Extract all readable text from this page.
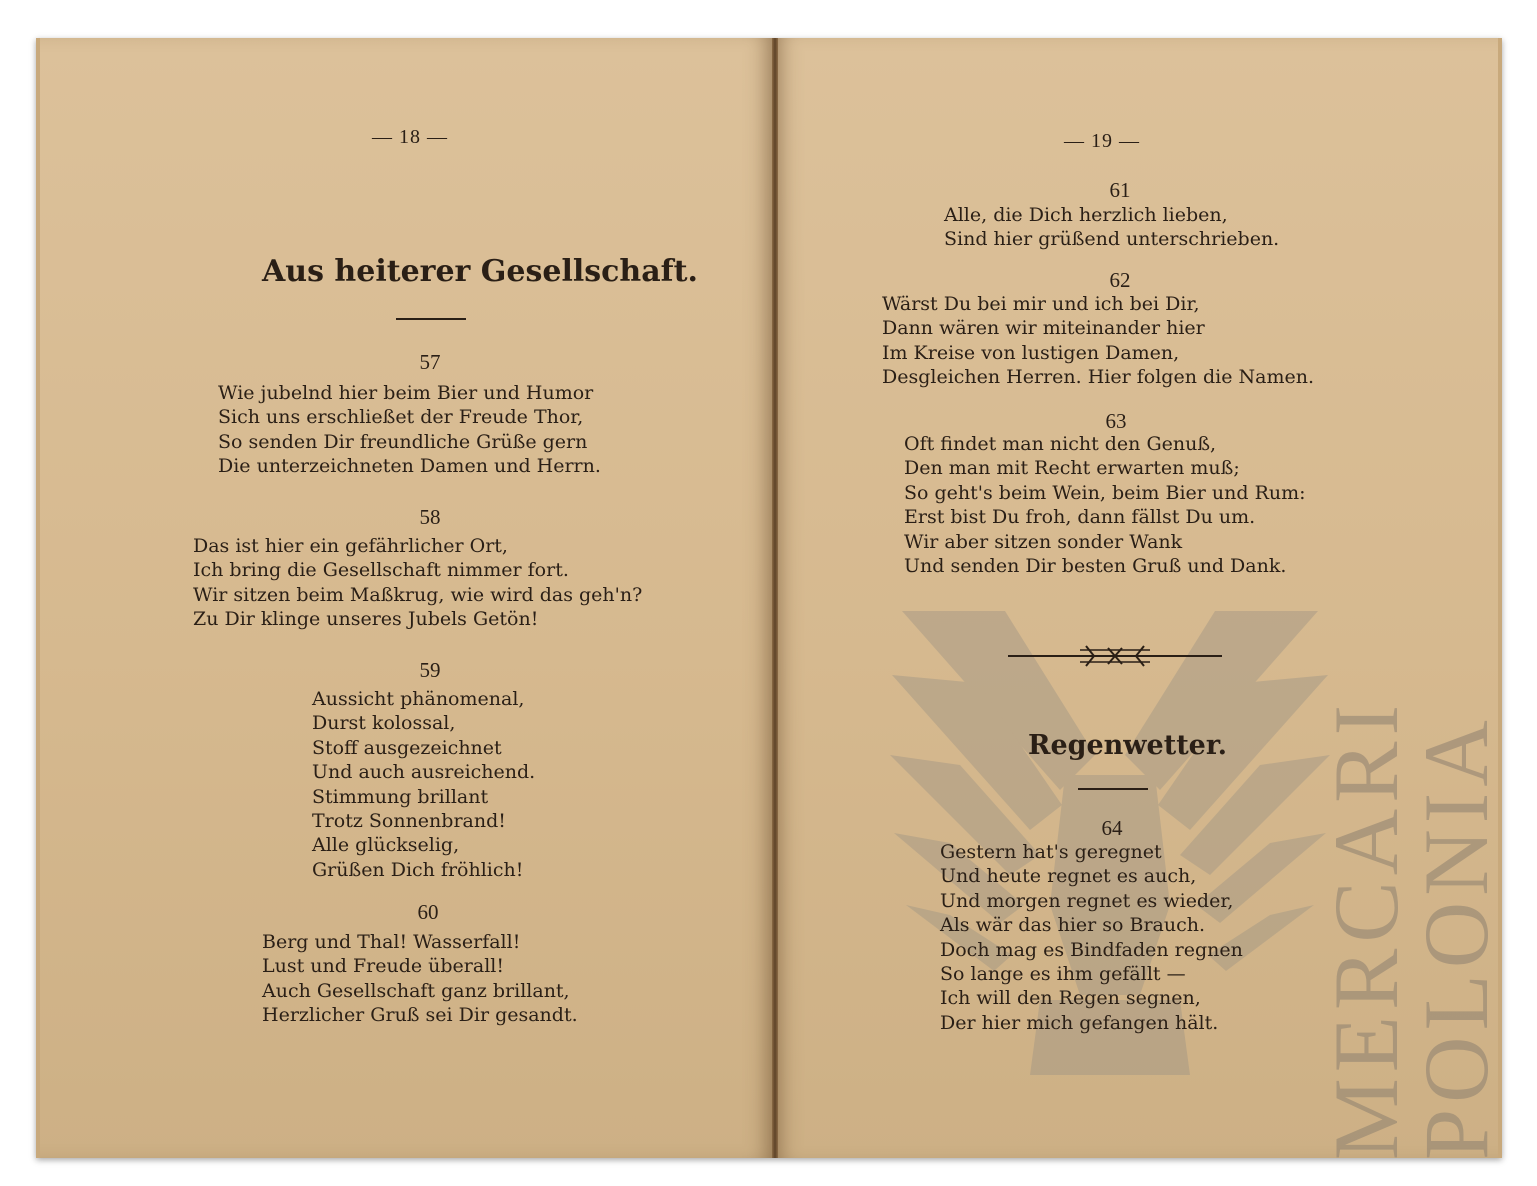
MERCARI
POLONIA
— 18 —
Aus heiterer Gesellschaft.
57
Wie jubelnd hier beim Bier und Humor
Sich uns erschließet der Freude Thor,
So senden Dir freundliche Grüße gern
Die unterzeichneten Damen und Herrn.
58
Das ist hier ein gefährlicher Ort,
Ich bring die Gesellschaft nimmer fort.
Wir sitzen beim Maßkrug, wie wird das geh'n?
Zu Dir klinge unseres Jubels Getön!
59
Aussicht phänomenal,
Durst kolossal,
Stoff ausgezeichnet
Und auch ausreichend.
Stimmung brillant
Trotz Sonnenbrand!
Alle glückselig,
Grüßen Dich fröhlich!
60
Berg und Thal! Wasserfall!
Lust und Freude überall!
Auch Gesellschaft ganz brillant,
Herzlicher Gruß sei Dir gesandt.
— 19 —
61
Alle, die Dich herzlich lieben,
Sind hier grüßend unterschrieben.
62
Wärst Du bei mir und ich bei Dir,
Dann wären wir miteinander hier
Im Kreise von lustigen Damen,
Desgleichen Herren. Hier folgen die Namen.
63
Oft findet man nicht den Genuß,
Den man mit Recht erwarten muß;
So geht's beim Wein, beim Bier und Rum:
Erst bist Du froh, dann fällst Du um.
Wir aber sitzen sonder Wank
Und senden Dir besten Gruß und Dank.
Regenwetter.
64
Gestern hat's geregnet
Und heute regnet es auch,
Und morgen regnet es wieder,
Als wär das hier so Brauch.
Doch mag es Bindfaden regnen
So lange es ihm gefällt —
Ich will den Regen segnen,
Der hier mich gefangen hält.
